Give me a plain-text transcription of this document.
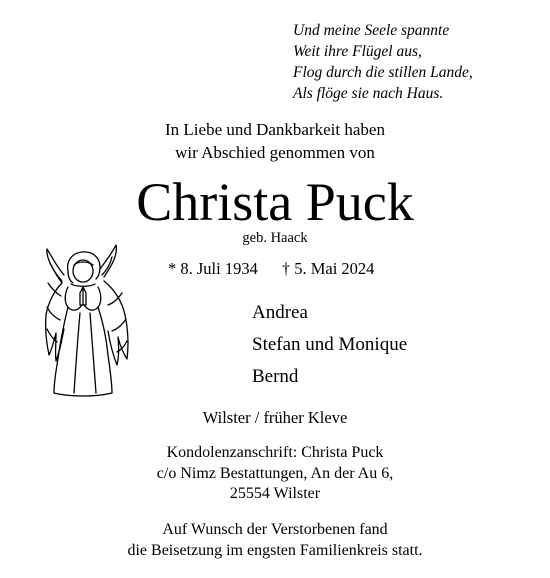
Und meine Seele spannte
Weit ihre Flügel aus,
Flog durch die stillen Lande,
Als flöge sie nach Haus.
In Liebe und Dankbarkeit haben
wir Abschied genommen von
Christa Puck
geb. Haack
* 8. Juli 1934 † 5. Mai 2024
Andrea
Stefan und Monique
Bernd
Wilster / früher Kleve
Kondolenzanschrift: Christa Puck
c/o Nimz Bestattungen, An der Au 6,
25554 Wilster
Auf Wunsch der Verstorbenen fand
die Beisetzung im engsten Familienkreis statt.
